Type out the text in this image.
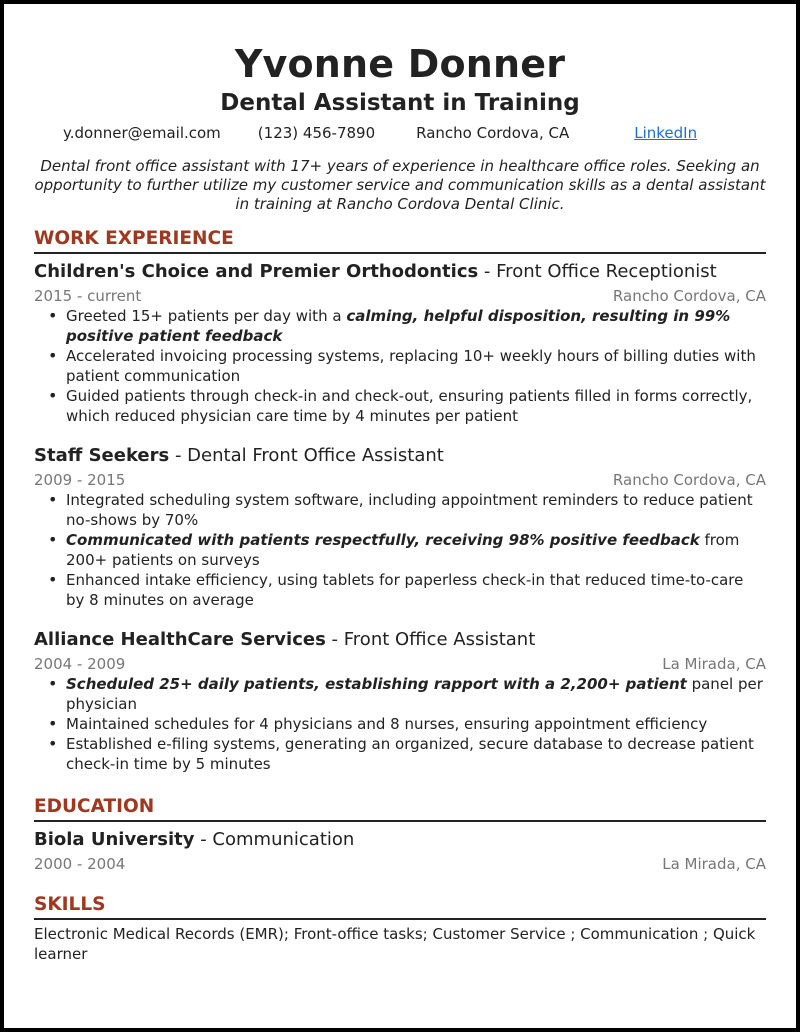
Yvonne Donner
Dental Assistant in Training
y.donner@email.com (123) 456-7890	Rancho Cordova, CA	LinkedIn
Dental front office assistant with 17+ years of experience in healthcare office roles. Seeking an opportunity to further utilize my customer service and communication skills as a dental assistant in training at Rancho Cordova Dental Clinic.
WORK EXPERIENCE
Children's Choice and Premier Orthodontics - Front Office Receptionist
2015 - current	Rancho Cordova, CA
• Greeted 15+ patients per day with a calming, helpful disposition, resulting in 99% positive patient feedback
• Accelerated invoicing processing systems, replacing 10+ weekly hours of billing duties with patient communication
• Guided patients through check-in and check-out, ensuring patients filled in forms correctly, which reduced physician care time by 4 minutes per patient
Staff Seekers - Dental Front Office Assistant
2009 - 2015	Rancho Cordova, CA
• Integrated scheduling system software, including appointment reminders to reduce patient no-shows by 70%
• Communicated with patients respectfully, receiving 98% positive feedback from 200+ patients on surveys
• Enhanced intake efficiency, using tablets for paperless check-in that reduced time-to-care by 8 minutes on average
Alliance HealthCare Services - Front Office Assistant
2004 - 2009	La Mirada, CA
• Scheduled 25+ daily patients, establishing rapport with a 2,200+ patient panel per physician
• Maintained schedules for 4 physicians and 8 nurses, ensuring appointment efficiency
• Established e-filing systems, generating an organized, secure database to decrease patient check-in time by 5 minutes
EDUCATION
Biola University - Communication
2000 - 2004	La Mirada, CA
SKILLS
Electronic Medical Records (EMR); Front-office tasks; Customer Service ; Communication ; Quick learner
